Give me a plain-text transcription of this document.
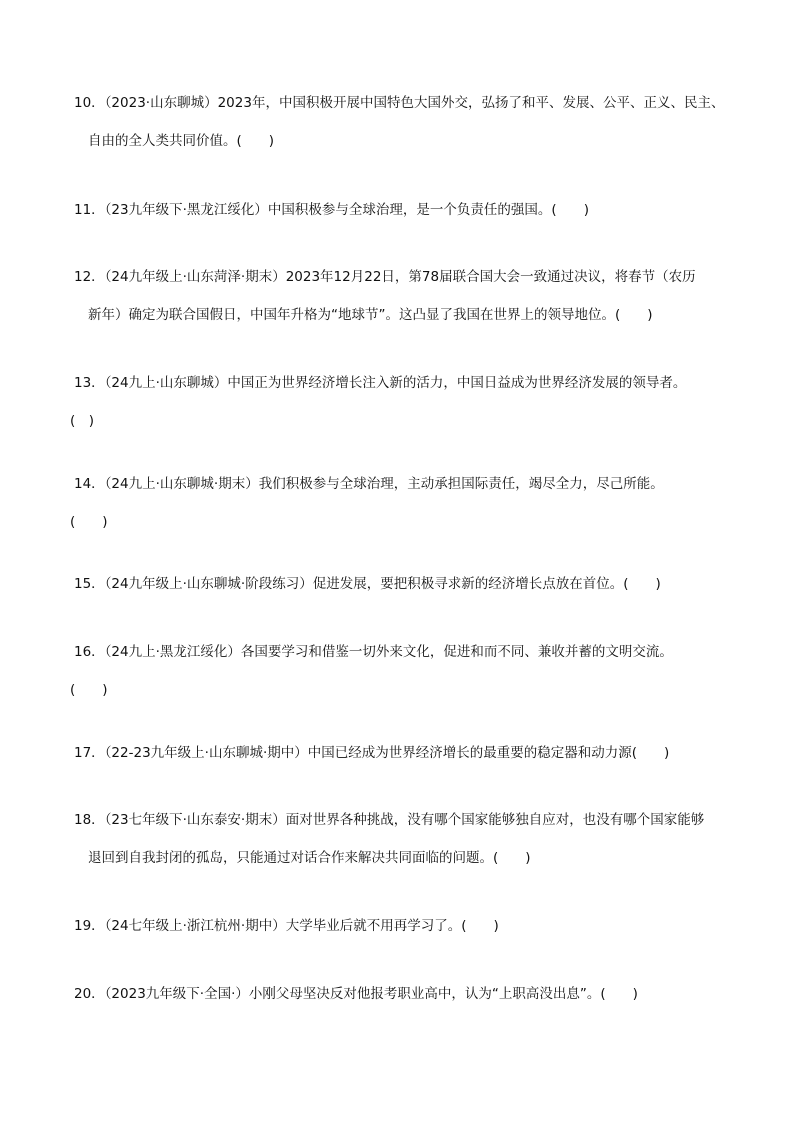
10．（2023·山东聊城）2023年，中国积极开展中国特色大国外交，弘扬了和平、发展、公平、正义、民主、
自由的全人类共同价值。(　　)
11．（23九年级下·黑龙江绥化）中国积极参与全球治理，是一个负责任的强国。(　　)
12．（24九年级上·山东菏泽·期末）2023年12月22日，第78届联合国大会一致通过决议，将春节（农历
新年）确定为联合国假日，中国年升格为“地球节”。这凸显了我国在世界上的领导地位。(　　)
13．（24九上·山东聊城）中国正为世界经济增长注入新的活力，中国日益成为世界经济发展的领导者。
(　)
14．（24九上·山东聊城·期末）我们积极参与全球治理，主动承担国际责任，竭尽全力，尽己所能。
(　　)
15．（24九年级上·山东聊城·阶段练习）促进发展，要把积极寻求新的经济增长点放在首位。(　　)
16．（24九上·黑龙江绥化）各国要学习和借鉴一切外来文化，促进和而不同、兼收并蓄的文明交流。
(　　)
17．（22-23九年级上·山东聊城·期中）中国已经成为世界经济增长的最重要的稳定器和动力源(　　)
18．（23七年级下·山东泰安·期末）面对世界各种挑战，没有哪个国家能够独自应对，也没有哪个国家能够
退回到自我封闭的孤岛，只能通过对话合作来解决共同面临的问题。(　　)
19．（24七年级上·浙江杭州·期中）大学毕业后就不用再学习了。(　　)
20．（2023九年级下·全国·）小刚父母坚决反对他报考职业高中，认为“上职高没出息”。(　　)
